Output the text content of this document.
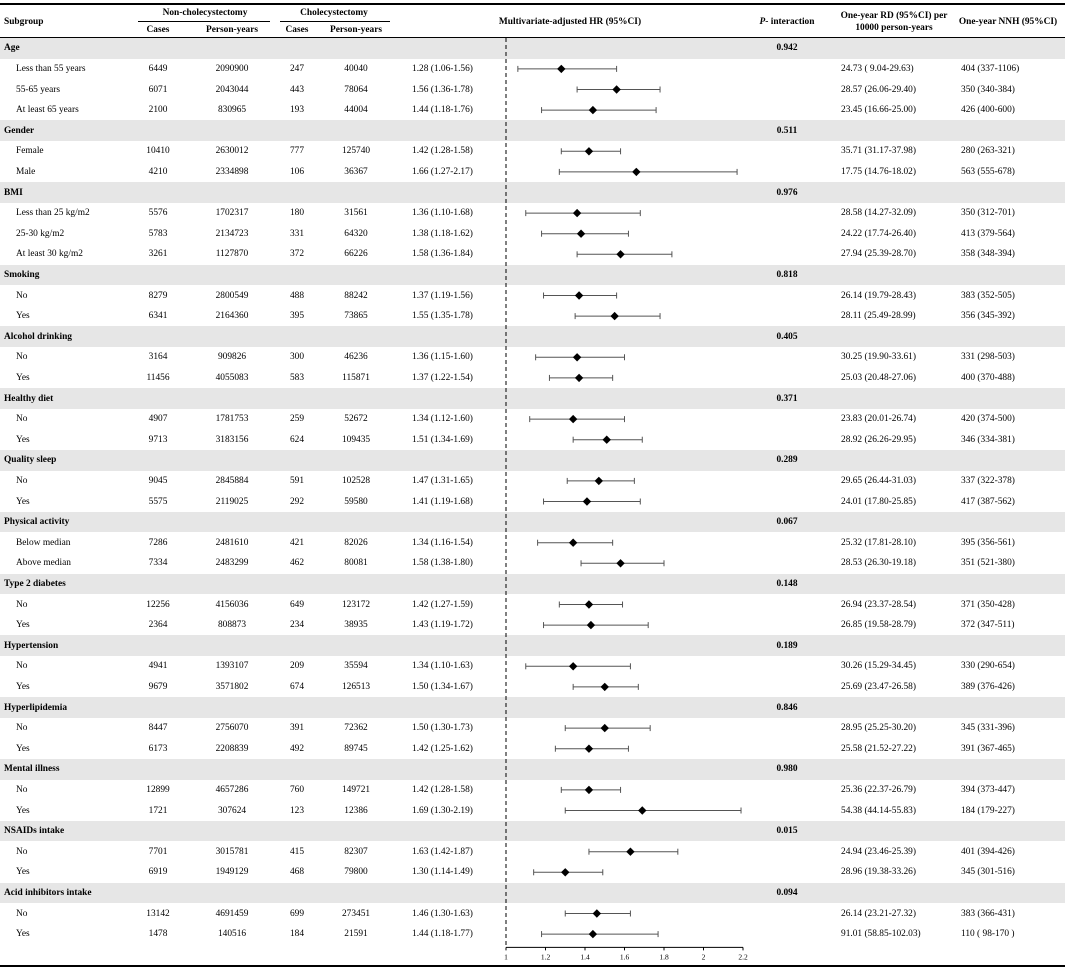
Subgroup
Non-cholecystectomy	Cholecystectomy
Cases	Person-years	Cases Person-years
Multivariate-adjusted HR (95%CI)	P- interaction
One-year RD (95%CI) per
10000 person-years
One-year NNH (95%CI)
Age	0.942
Less than 55 years	6449	2090900	247	40040	1.28 (1.06-1.56)	24.73 ( 9.04-29.63)	404 (337-1106)
55-65 years	6071	2043044	443	78064	1.56 (1.36-1.78)	28.57 (26.06-29.40)	350 (340-384)
At least 65 years	2100	830965	193	44004	1.44 (1.18-1.76)	23.45 (16.66-25.00)	426 (400-600)
Gender	0.511
Female	10410	2630012	777	125740	1.42 (1.28-1.58)	35.71 (31.17-37.98)	280 (263-321)
Male	4210	2334898	106	36367	1.66 (1.27-2.17)	17.75 (14.76-18.02)	563 (555-678)
BMI	0.976
Less than 25 kg/m2	5576	1702317	180	31561	1.36 (1.10-1.68)	28.58 (14.27-32.09)	350 (312-701)
25-30 kg/m2	5783	2134723	331	64320	1.38 (1.18-1.62)	24.22 (17.74-26.40)	413 (379-564)
At least 30 kg/m2	3261	1127870	372	66226	1.58 (1.36-1.84)	27.94 (25.39-28.70)	358 (348-394)
Smoking	0.818
No	8279	2800549	488	88242	1.37 (1.19-1.56)	26.14 (19.79-28.43)	383 (352-505)
Yes	6341	2164360	395	73865	1.55 (1.35-1.78)	28.11 (25.49-28.99)	356 (345-392)
Alcohol drinking	0.405
No	3164	909826	300	46236	1.36 (1.15-1.60)	30.25 (19.90-33.61)	331 (298-503)
Yes	11456	4055083	583	115871	1.37 (1.22-1.54)	25.03 (20.48-27.06)	400 (370-488)
Healthy diet	0.371
No	4907	1781753	259	52672	1.34 (1.12-1.60)	23.83 (20.01-26.74)	420 (374-500)
Yes	9713	3183156	624	109435	1.51 (1.34-1.69)	28.92 (26.26-29.95)	346 (334-381)
Quality sleep	0.289
No	9045	2845884	591	102528	1.47 (1.31-1.65)	29.65 (26.44-31.03)	337 (322-378)
Yes	5575	2119025	292	59580	1.41 (1.19-1.68)	24.01 (17.80-25.85)	417 (387-562)
Physical activity	0.067
Below median	7286	2481610	421	82026	1.34 (1.16-1.54)	25.32 (17.81-28.10)	395 (356-561)
Above median	7334	2483299	462	80081	1.58 (1.38-1.80)	28.53 (26.30-19.18)	351 (521-380)
Type 2 diabetes	0.148
No	12256	4156036	649	123172	1.42 (1.27-1.59)	26.94 (23.37-28.54)	371 (350-428)
Yes	2364	808873	234	38935	1.43 (1.19-1.72)	26.85 (19.58-28.79)	372 (347-511)
Hypertension	0.189
No	4941	1393107	209	35594	1.34 (1.10-1.63)	30.26 (15.29-34.45)	330 (290-654)
Yes	9679	3571802	674	126513	1.50 (1.34-1.67)	25.69 (23.47-26.58)	389 (376-426)
Hyperlipidemia	0.846
No	8447	2756070	391	72362	1.50 (1.30-1.73)	28.95 (25.25-30.20)	345 (331-396)
Yes	6173	2208839	492	89745	1.42 (1.25-1.62)	25.58 (21.52-27.22)	391 (367-465)
Mental illness	0.980
No	12899	4657286	760	149721	1.42 (1.28-1.58)	25.36 (22.37-26.79)	394 (373-447)
Yes	1721	307624	123	12386	1.69 (1.30-2.19)	54.38 (44.14-55.83)	184 (179-227)
NSAIDs intake	0.015
No	7701	3015781	415	82307	1.63 (1.42-1.87)	24.94 (23.46-25.39)	401 (394-426)
Yes	6919	1949129	468	79800	1.30 (1.14-1.49)	28.96 (19.38-33.26)	345 (301-516)
Acid inhibitors intake	0.094
No	13142	4691459	699	273451	1.46 (1.30-1.63)	26.14 (23.21-27.32)	383 (366-431)
Yes	1478	140516	184	21591	1.44 (1.18-1.77)	91.01 (58.85-102.03)	110 ( 98-170 )
1	1.2	1.4	1.6	1.8	2	2.2
